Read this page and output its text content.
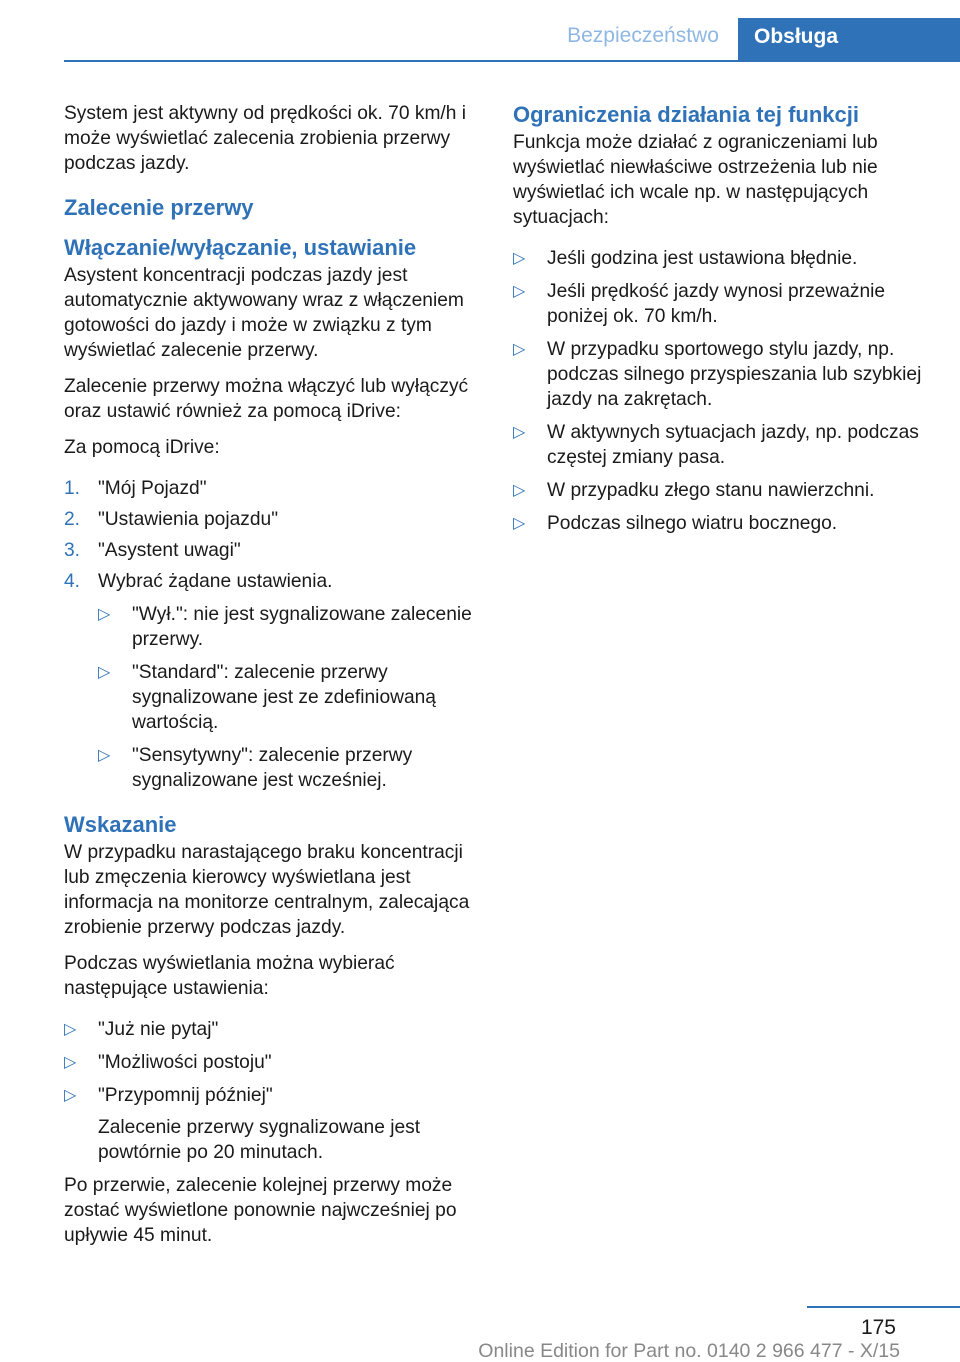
Bezpieczeństwo	Obsługa

System jest aktywny od prędkości ok. 70 km/h i może wyświetlać zalecenia zrobienia przerwy podczas jazdy.

Zalecenie przerwy
Włączanie/wyłączanie, ustawianie

Asystent koncentracji podczas jazdy jest automatycznie aktywowany wraz z włączeniem gotowości do jazdy i może w związku z tym wyświetlać zalecenie przerwy.

Zalecenie przerwy można włączyć lub wyłączyć oraz ustawić również za pomocą iDrive:

Za pomocą iDrive:

1. "Mój Pojazd"
2. "Ustawienia pojazdu"
3. "Asystent uwagi"
4. Wybrać żądane ustawienia.
▷ "Wył.": nie jest sygnalizowane zalecenie przerwy.
▷ "Standard": zalecenie przerwy sygnalizowane jest ze zdefiniowaną wartością.
▷ "Sensytywny": zalecenie przerwy sygnalizowane jest wcześniej.
Wskazanie

W przypadku narastającego braku koncentracji lub zmęczenia kierowcy wyświetlana jest informacja na monitorze centralnym, zalecająca zrobienie przerwy podczas jazdy.

Podczas wyświetlania można wybierać następujące ustawienia:

▷ "Już nie pytaj"
▷ "Możliwości postoju"
▷ "Przypomnij później"

Zalecenie przerwy sygnalizowane jest powtórnie po 20 minutach.

Po przerwie, zalecenie kolejnej przerwy może zostać wyświetlone ponownie najwcześniej po upływie 45 minut.

Ograniczenia działania tej funkcji

Funkcja może działać z ograniczeniami lub wyświetlać niewłaściwe ostrzeżenia lub nie wyświetlać ich wcale np. w następujących sytuacjach:

▷ Jeśli godzina jest ustawiona błędnie.
▷ Jeśli prędkość jazdy wynosi przeważnie poniżej ok. 70 km/h.
▷ W przypadku sportowego stylu jazdy, np. podczas silnego przyspieszania lub szybkiej jazdy na zakrętach.
▷ W aktywnych sytuacjach jazdy, np. podczas częstej zmiany pasa.
▷ W przypadku złego stanu nawierzchni.
▷ Podczas silnego wiatru bocznego.
175
Online Edition for Part no. 0140 2 966 477 - X/15
